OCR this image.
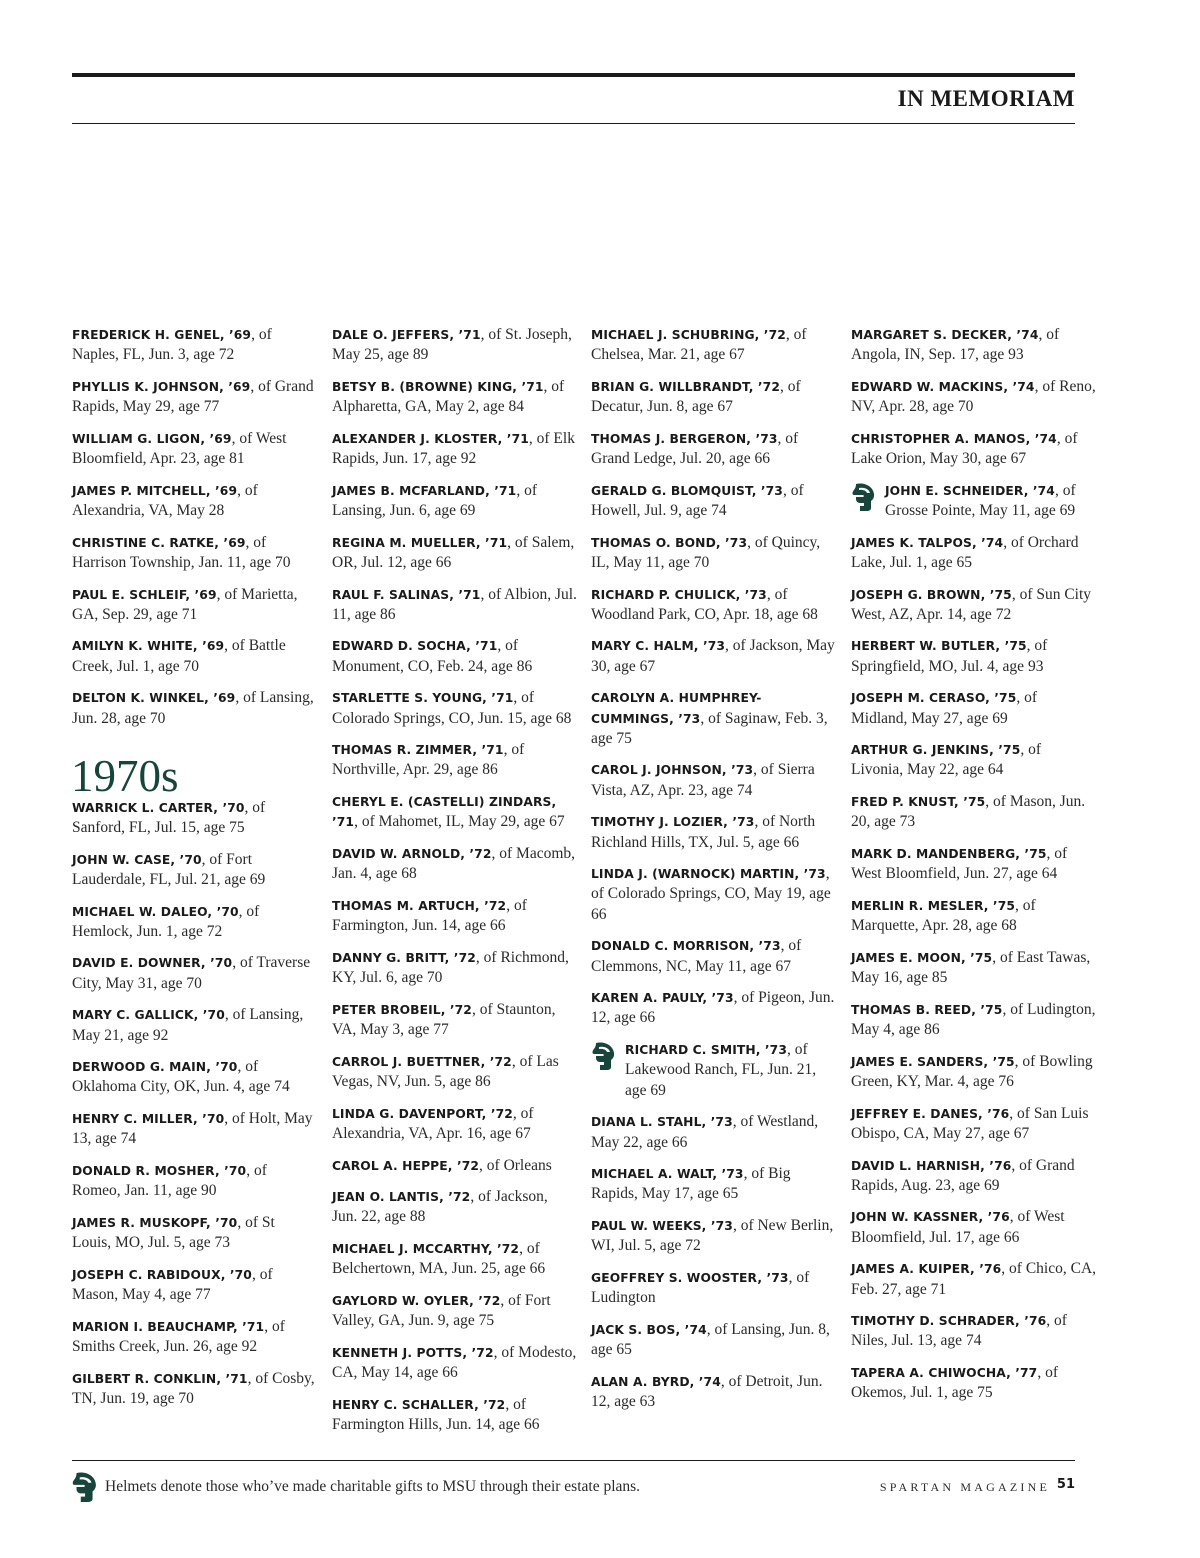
IN MEMORIAM
FREDERICK H. GENEL, ’69, of Naples, FL, Jun. 3, age 72
PHYLLIS K. JOHNSON, ’69, of Grand Rapids, May 29, age 77
WILLIAM G. LIGON, ’69, of West Bloomfield, Apr. 23, age 81
JAMES P. MITCHELL, ’69, of Alexandria, VA, May 28
CHRISTINE C. RATKE, ’69, of Harrison Township, Jan. 11, age 70
PAUL E. SCHLEIF, ’69, of Marietta, GA, Sep. 29, age 71
AMILYN K. WHITE, ’69, of Battle Creek, Jul. 1, age 70
DELTON K. WINKEL, ’69, of Lansing, Jun. 28, age 70
1970s
WARRICK L. CARTER, ’70, of Sanford, FL, Jul. 15, age 75
JOHN W. CASE, ’70, of Fort Lauderdale, FL, Jul. 21, age 69
MICHAEL W. DALEO, ’70, of Hemlock, Jun. 1, age 72
DAVID E. DOWNER, ’70, of Traverse City, May 31, age 70
MARY C. GALLICK, ’70, of Lansing, May 21, age 92
DERWOOD G. MAIN, ’70, of Oklahoma City, OK, Jun. 4, age 74
HENRY C. MILLER, ’70, of Holt, May 13, age 74
DONALD R. MOSHER, ’70, of Romeo, Jan. 11, age 90
JAMES R. MUSKOPF, ’70, of St Louis, MO, Jul. 5, age 73
JOSEPH C. RABIDOUX, ’70, of Mason, May 4, age 77
MARION I. BEAUCHAMP, ’71, of Smiths Creek, Jun. 26, age 92
GILBERT R. CONKLIN, ’71, of Cosby, TN, Jun. 19, age 70
DALE O. JEFFERS, ’71, of St. Joseph, May 25, age 89
BETSY B. (BROWNE) KING, ’71, of Alpharetta, GA, May 2, age 84
ALEXANDER J. KLOSTER, ’71, of Elk Rapids, Jun. 17, age 92
JAMES B. MCFARLAND, ’71, of Lansing, Jun. 6, age 69
REGINA M. MUELLER, ’71, of Salem, OR, Jul. 12, age 66
RAUL F. SALINAS, ’71, of Albion, Jul. 11, age 86
EDWARD D. SOCHA, ’71, of Monument, CO, Feb. 24, age 86
STARLETTE S. YOUNG, ’71, of Colorado Springs, CO, Jun. 15, age 68
THOMAS R. ZIMMER, ’71, of Northville, Apr. 29, age 86
CHERYL E. (CASTELLI) ZINDARS, ’71, of Mahomet, IL, May 29, age 67
DAVID W. ARNOLD, ’72, of Macomb, Jan. 4, age 68
THOMAS M. ARTUCH, ’72, of Farmington, Jun. 14, age 66
DANNY G. BRITT, ’72, of Richmond, KY, Jul. 6, age 70
PETER BROBEIL, ’72, of Staunton, VA, May 3, age 77
CARROL J. BUETTNER, ’72, of Las Vegas, NV, Jun. 5, age 86
LINDA G. DAVENPORT, ’72, of Alexandria, VA, Apr. 16, age 67
CAROL A. HEPPE, ’72, of Orleans
JEAN O. LANTIS, ’72, of Jackson, Jun. 22, age 88
MICHAEL J. MCCARTHY, ’72, of Belchertown, MA, Jun. 25, age 66
GAYLORD W. OYLER, ’72, of Fort Valley, GA, Jun. 9, age 75
KENNETH J. POTTS, ’72, of Modesto, CA, May 14, age 66
HENRY C. SCHALLER, ’72, of Farmington Hills, Jun. 14, age 66
MICHAEL J. SCHUBRING, ’72, of Chelsea, Mar. 21, age 67
BRIAN G. WILLBRANDT, ’72, of Decatur, Jun. 8, age 67
THOMAS J. BERGERON, ’73, of Grand Ledge, Jul. 20, age 66
GERALD G. BLOMQUIST, ’73, of Howell, Jul. 9, age 74
THOMAS O. BOND, ’73, of Quincy, IL, May 11, age 70
RICHARD P. CHULICK, ’73, of Woodland Park, CO, Apr. 18, age 68
MARY C. HALM, ’73, of Jackson, May 30, age 67
CAROLYN A. HUMPHREY-CUMMINGS, ’73, of Saginaw, Feb. 3, age 75
CAROL J. JOHNSON, ’73, of Sierra Vista, AZ, Apr. 23, age 74
TIMOTHY J. LOZIER, ’73, of North Richland Hills, TX, Jul. 5, age 66
LINDA J. (WARNOCK) MARTIN, ’73, of Colorado Springs, CO, May 19, age 66
DONALD C. MORRISON, ’73, of Clemmons, NC, May 11, age 67
KAREN A. PAULY, ’73, of Pigeon, Jun. 12, age 66
RICHARD C. SMITH, ’73, of Lakewood Ranch, FL, Jun. 21, age 69
DIANA L. STAHL, ’73, of Westland, May 22, age 66
MICHAEL A. WALT, ’73, of Big Rapids, May 17, age 65
PAUL W. WEEKS, ’73, of New Berlin, WI, Jul. 5, age 72
GEOFFREY S. WOOSTER, ’73, of Ludington
JACK S. BOS, ’74, of Lansing, Jun. 8, age 65
ALAN A. BYRD, ’74, of Detroit, Jun. 12, age 63
MARGARET S. DECKER, ’74, of Angola, IN, Sep. 17, age 93
EDWARD W. MACKINS, ’74, of Reno, NV, Apr. 28, age 70
CHRISTOPHER A. MANOS, ’74, of Lake Orion, May 30, age 67
JOHN E. SCHNEIDER, ’74, of Grosse Pointe, May 11, age 69
JAMES K. TALPOS, ’74, of Orchard Lake, Jul. 1, age 65
JOSEPH G. BROWN, ’75, of Sun City West, AZ, Apr. 14, age 72
HERBERT W. BUTLER, ’75, of Springfield, MO, Jul. 4, age 93
JOSEPH M. CERASO, ’75, of Midland, May 27, age 69
ARTHUR G. JENKINS, ’75, of Livonia, May 22, age 64
FRED P. KNUST, ’75, of Mason, Jun. 20, age 73
MARK D. MANDENBERG, ’75, of West Bloomfield, Jun. 27, age 64
MERLIN R. MESLER, ’75, of Marquette, Apr. 28, age 68
JAMES E. MOON, ’75, of East Tawas, May 16, age 85
THOMAS B. REED, ’75, of Ludington, May 4, age 86
JAMES E. SANDERS, ’75, of Bowling Green, KY, Mar. 4, age 76
JEFFREY E. DANES, ’76, of San Luis Obispo, CA, May 27, age 67
DAVID L. HARNISH, ’76, of Grand Rapids, Aug. 23, age 69
JOHN W. KASSNER, ’76, of West Bloomfield, Jul. 17, age 66
JAMES A. KUIPER, ’76, of Chico, CA, Feb. 27, age 71
TIMOTHY D. SCHRADER, ’76, of Niles, Jul. 13, age 74
TAPERA A. CHIWOCHA, ’77, of Okemos, Jul. 1, age 75
Helmets denote those who’ve made charitable gifts to MSU through their estate plans.	SPARTAN MAGAZINE 51
